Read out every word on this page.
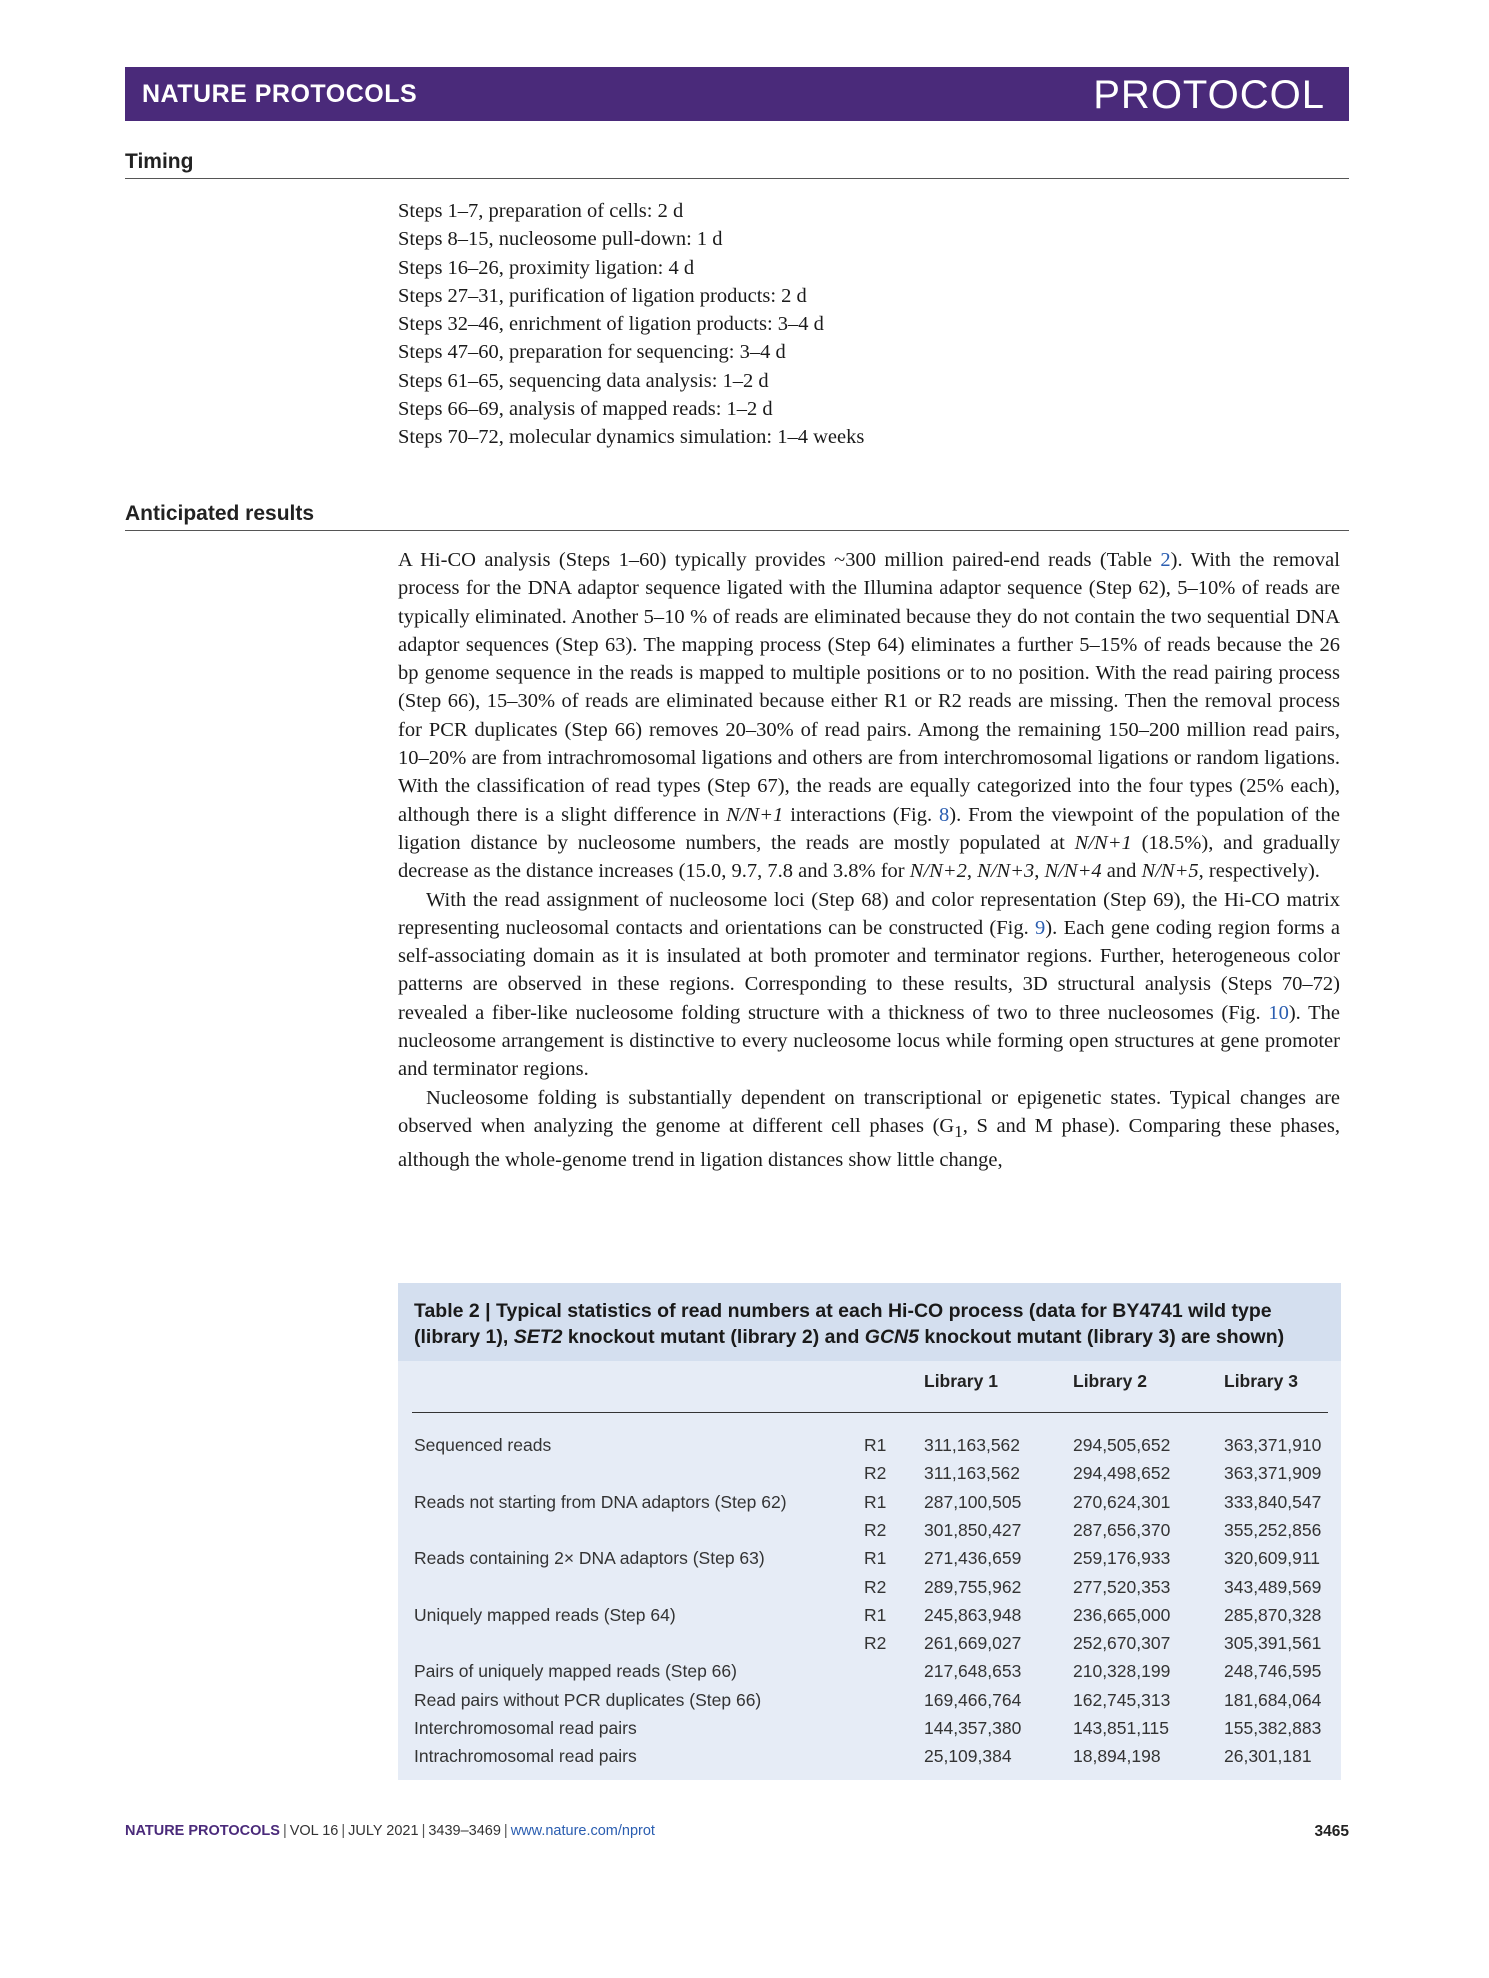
NATURE PROTOCOLS	PROTOCOL
Timing
Steps 1–7, preparation of cells: 2 d
Steps 8–15, nucleosome pull-down: 1 d
Steps 16–26, proximity ligation: 4 d
Steps 27–31, purification of ligation products: 2 d
Steps 32–46, enrichment of ligation products: 3–4 d
Steps 47–60, preparation for sequencing: 3–4 d
Steps 61–65, sequencing data analysis: 1–2 d
Steps 66–69, analysis of mapped reads: 1–2 d
Steps 70–72, molecular dynamics simulation: 1–4 weeks
Anticipated results

A Hi-CO analysis (Steps 1–60) typically provides ~300 million paired-end reads (Table 2). With the removal process for the DNA adaptor sequence ligated with the Illumina adaptor sequence (Step 62), 5–10% of reads are typically eliminated. Another 5–10 % of reads are eliminated because they do not contain the two sequential DNA adaptor sequences (Step 63). The mapping process (Step 64) eliminates a further 5–15% of reads because the 26 bp genome sequence in the reads is mapped to multiple positions or to no position. With the read pairing process (Step 66), 15–30% of reads are eliminated because either R1 or R2 reads are missing. Then the removal process for PCR duplicates (Step 66) removes 20–30% of read pairs. Among the remaining 150–200 million read pairs, 10–20% are from intrachromosomal ligations and others are from interchromosomal ligations or random ligations. With the classification of read types (Step 67), the reads are equally categorized into the four types (25% each), although there is a slight difference in N/N+1 interactions (Fig. 8). From the viewpoint of the population of the ligation distance by nucleosome numbers, the reads are mostly populated at N/N+1 (18.5%), and gradually decrease as the distance increases (15.0, 9.7, 7.8 and 3.8% for N/N+2, N/N+3, N/N+4 and N/N+5, respectively).

With the read assignment of nucleosome loci (Step 68) and color representation (Step 69), the Hi-CO matrix representing nucleosomal contacts and orientations can be constructed (Fig. 9). Each gene coding region forms a self-associating domain as it is insulated at both promoter and terminator regions. Further, heterogeneous color patterns are observed in these regions. Corresponding to these results, 3D structural analysis (Steps 70–72) revealed a fiber-like nucleosome folding structure with a thickness of two to three nucleosomes (Fig. 10). The nucleosome arrangement is distinctive to every nucleosome locus while forming open structures at gene promoter and terminator regions.

Nucleosome folding is substantially dependent on transcriptional or epigenetic states. Typical changes are observed when analyzing the genome at different cell phases ($G_1$, S and M phase). Comparing these phases, although the whole-genome trend in ligation distances show little change,

Table 2 | Typical statistics of read numbers at each Hi-CO process (data for BY4741 wild type (library 1), SET2 knockout mutant (library 2) and GCN5 knockout mutant (library 3) are shown)
Library 1	Library 2	Library 3
Sequenced reads	R1 311,163,562	294,505,652	363,371,910
R2 311,163,562	294,498,652	363,371,909
Reads not starting from DNA adaptors (Step 62)	R1 287,100,505	270,624,301	333,840,547
R2 301,850,427	287,656,370	355,252,856
Reads containing 2× DNA adaptors (Step 63)	R1 271,436,659	259,176,933	320,609,911
R2 289,755,962	277,520,353	343,489,569
Uniquely mapped reads (Step 64)	R1 245,863,948	236,665,000	285,870,328
R2 261,669,027	252,670,307	305,391,561
Pairs of uniquely mapped reads (Step 66)	217,648,653	210,328,199	248,746,595
Read pairs without PCR duplicates (Step 66)	169,466,764	162,745,313	181,684,064
Interchromosomal read pairs	144,357,380	143,851,115	155,382,883
Intrachromosomal read pairs	25,109,384	18,894,198	26,301,181
NATURE PROTOCOLS | VOL 16 | JULY 2021 | 3439–3469 | www.nature.com/nprot	3465
